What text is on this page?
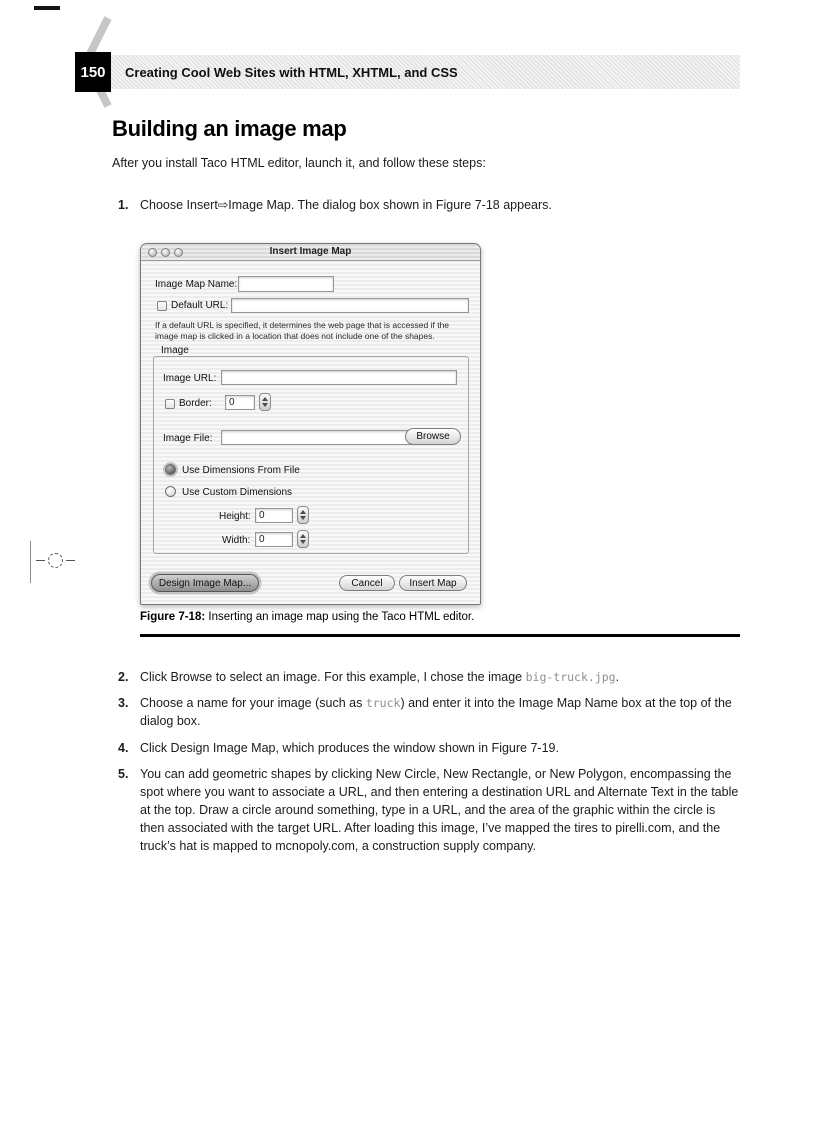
150	Creating Cool Web Sites with HTML, XHTML, and CSS
Building an image map
After you install Taco HTML editor, launch it, and follow these steps:
1. Choose Insert⇨Image Map. The dialog box shown in Figure 7-18 appears.
Insert Image Map
Image Map Name:
Default URL:
If a default URL is specified, it determines the web page that is accessed if the
image map is clicked in a location that does not include one of the shapes.
Image
Image URL:
Border:	0
Image File:	Browse
Use Dimensions From File
Use Custom Dimensions
Height: 0
Width: 0
Design Image Map...	Cancel	Insert Map
Figure 7-18: Inserting an image map using the Taco HTML editor.
2. Click Browse to select an image. For this example, I chose the image big-truck.jpg.
3. Choose a name for your image (such as truck) and enter it into the Image Map Name box at the top of the dialog box.
4. Click Design Image Map, which produces the window shown in Figure 7-19.
5. You can add geometric shapes by clicking New Circle, New Rectangle, or New Polygon, encompassing the spot where you want to associate a URL, and then entering a destination URL and Alternate Text in the table at the top. Draw a circle around something, type in a URL, and the area of the graphic within the circle is then associated with the target URL. After loading this image, I’ve mapped the tires to pirelli.com, and the truck’s hat is mapped to mcnopoly.com, a construction supply company.
